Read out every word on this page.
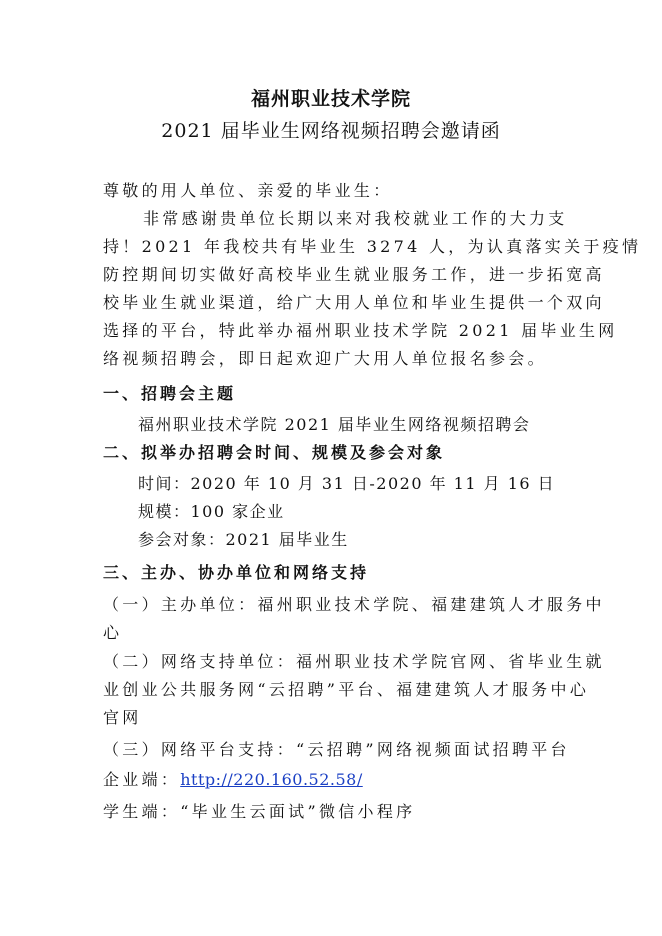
福州职业技术学院
2021 届毕业生网络视频招聘会邀请函
尊敬的用人单位、亲爱的毕业生：
非常感谢贵单位长期以来对我校就业工作的大力支
持！2021 年我校共有毕业生 3274 人，为认真落实关于疫情
防控期间切实做好高校毕业生就业服务工作，进一步拓宽高
校毕业生就业渠道，给广大用人单位和毕业生提供一个双向
选择的平台，特此举办福州职业技术学院 2021 届毕业生网
络视频招聘会，即日起欢迎广大用人单位报名参会。
一、招聘会主题
福州职业技术学院 2021 届毕业生网络视频招聘会
二、拟举办招聘会时间、规模及参会对象
时间：2020 年 10 月 31 日-2020 年 11 月 16 日
规模：100 家企业
参会对象：2021 届毕业生
三、主办、协办单位和网络支持
（一）主办单位：福州职业技术学院、福建建筑人才服务中
心
（二）网络支持单位：福州职业技术学院官网、省毕业生就
业创业公共服务网“云招聘”平台、福建建筑人才服务中心
官网
（三）网络平台支持：“云招聘”网络视频面试招聘平台
企业端：http://220.160.52.58/
学生端：“毕业生云面试”微信小程序
